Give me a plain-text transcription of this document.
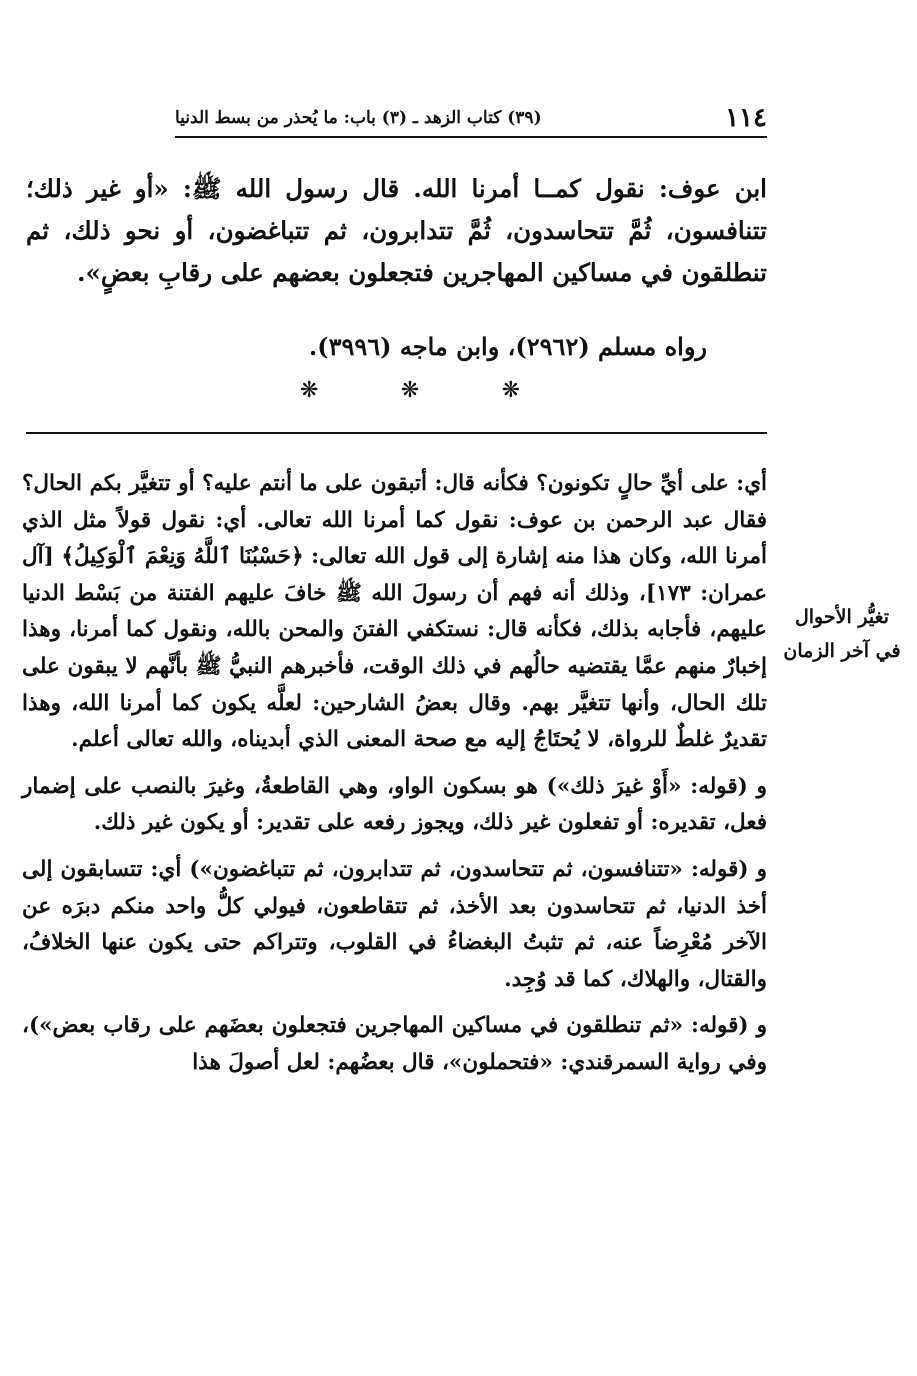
١١٤
(٣٩) كتاب الزهد ـ (٣) باب: ما يُحذر من بسط الدنيا

ابن عوف: نقول كمــا أمرنا الله. قال رسول الله ﷺ: «أو غير ذلك؛ تتنافسون، ثُمَّ تتحاسدون، ثُمَّ تتدابرون، ثم تتباغضون، أو نحو ذلك، ثم تنطلقون في مساكين المهاجرين فتجعلون بعضهم على رقابِ بعضٍ».

رواه مسلم (٢٩٦٢)، وابن ماجه (٣٩٩٦).
❋	❋	❋
تغيُّر الأحوال
في آخر الزمان

أي: على أيِّ حالٍ تكونون؟ فكأنه قال: أتبقون على ما أنتم عليه؟ أو تتغيَّر بكم الحال؟ فقال عبد الرحمن بن عوف: نقول كما أمرنا الله تعالى. أي: نقول قولاً مثل الذي أمرنا الله، وكان هذا منه إشارة إلى قول الله تعالى: ﴿حَسْبُنَا ٱللَّهُ وَنِعْمَ ٱلْوَكِيلُ﴾ [آل عمران: ١٧٣]، وذلك أنه فهم أن رسولَ الله ﷺ خافَ عليهم الفتنة من بَسْط الدنيا عليهم، فأجابه بذلك، فكأنه قال: نستكفي الفتنَ والمحن بالله، ونقول كما أمرنا، وهذا إخبارٌ منهم عمَّا يقتضيه حالُهم في ذلك الوقت، فأخبرهم النبيُّ ﷺ بأنَّهم لا يبقون على تلك الحال، وأنها تتغيَّر بهم. وقال بعضُ الشارحين: لعلَّه يكون كما أمرنا الله، وهذا تقديرٌ غلطٌ للرواة، لا يُحتَاجُ إليه مع صحة المعنى الذي أبديناه، والله تعالى أعلم.

و (قوله: «أَوْ غيرَ ذلك») هو بسكون الواو، وهي القاطعةُ، وغيرَ بالنصب على إضمار فعل، تقديره: أو تفعلون غير ذلك، ويجوز رفعه على تقدير: أو يكون غير ذلك.

و (قوله: «تتنافسون، ثم تتحاسدون، ثم تتدابرون، ثم تتباغضون») أي: تتسابقون إلى أخذ الدنيا، ثم تتحاسدون بعد الأخذ، ثم تتقاطعون، فيولي كلُّ واحد منكم دبرَه عن الآخر مُعْرِضاً عنه، ثم تثبتُ البغضاءُ في القلوب، وتتراكم حتى يكون عنها الخلافُ، والقتال، والهلاك، كما قد وُجِد.

و (قوله: «ثم تنطلقون في مساكين المهاجرين فتجعلون بعضَهم على رقاب بعض»)، وفي رواية السمرقندي: «فتحملون»، قال بعضُهم: لعل أصولَ هذا
